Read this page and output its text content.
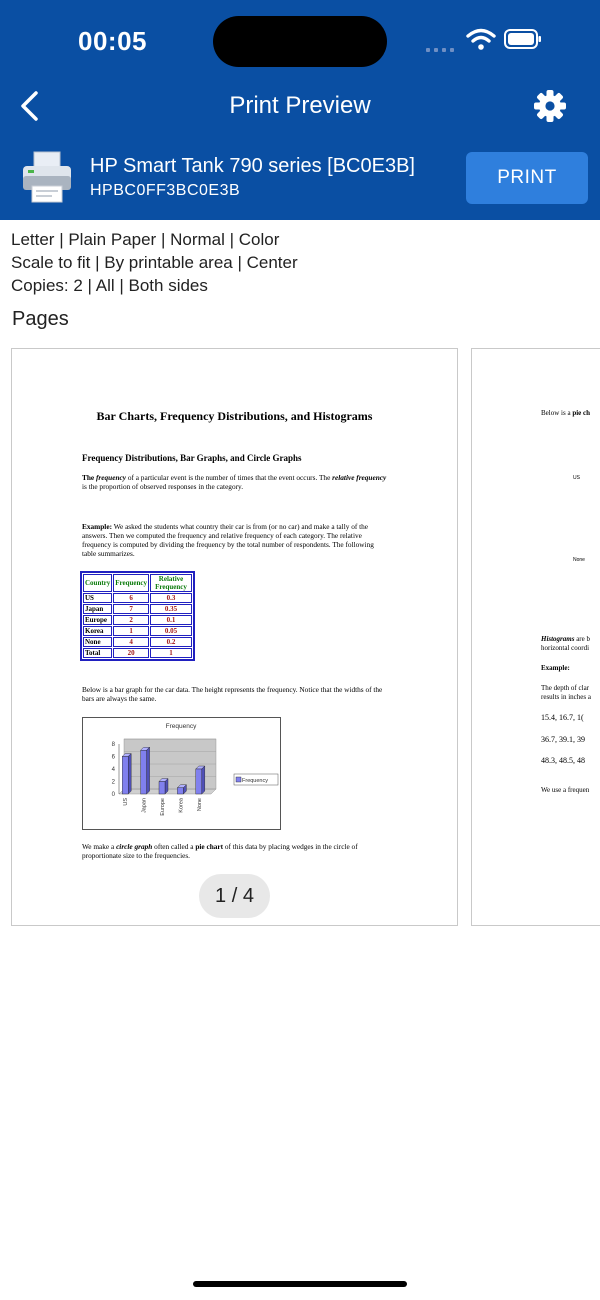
00:05
Print Preview
HP Smart Tank 790 series [BC0E3B]
HPBC0FF3BC0E3B
PRINT
Letter | Plain Paper | Normal | Color
Scale to fit | By printable area | Center
Copies: 2 | All | Both sides
Pages
Bar Charts, Frequency Distributions, and Histograms
Frequency Distributions, Bar Graphs, and Circle Graphs
The frequency of a particular event is the number of times that the event occurs. The relative frequency is the proportion of observed responses in the category.
Example: We asked the students what country their car is from (or no car) and make a tally of the answers. Then we computed the frequency and relative frequency of each category. The relative frequency is computed by dividing the frequency by the total number of respondents. The following table summarizes.
Country	Frequency	Relative Frequency
US	6	0.3
Japan	7	0.35
Europe	2	0.1
Korea	1	0.05
None	4	0.2
Total	20	1
Below is a bar graph for the car data. The height represents the frequency. Notice that the widths of the bars are always the same.
Frequency
0
2
4
6
8
US Japan Europe Korea None
Frequency
We make a circle graph often called a pie chart of this data by placing wedges in the circle of proportionate size to the frequencies.
1 / 4
Below is a pie ch
US
None
Histograms are b
horizontal coordi
Example:
The depth of clar
results in inches a
15.4, 16.7, 1(
36.7, 39.1, 39
48.3, 48.5, 48
We use a frequen
